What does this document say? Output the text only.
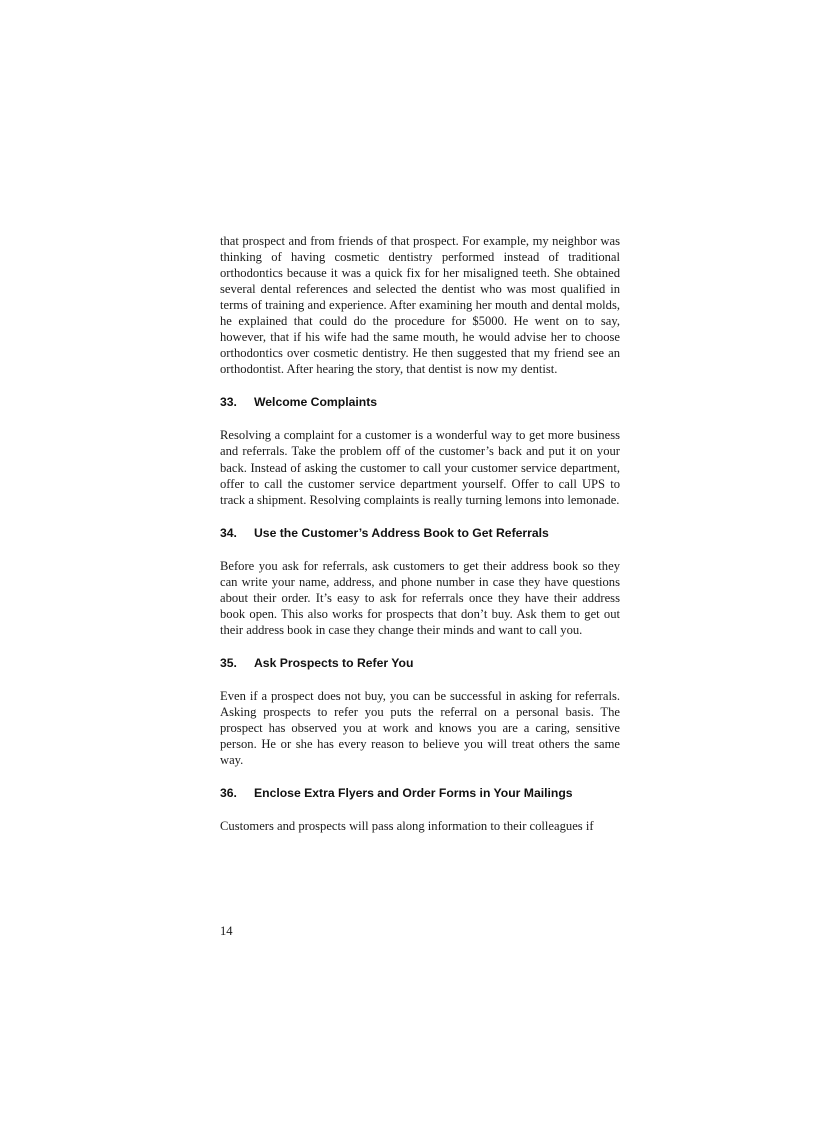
that prospect and from friends of that prospect. For example, my neighbor was thinking of having cosmetic dentistry performed instead of traditional orthodontics because it was a quick fix for her misaligned teeth. She obtained several dental references and selected the dentist who was most qualified in terms of training and experience. After examining her mouth and dental molds, he explained that could do the procedure for $5000. He went on to say, however, that if his wife had the same mouth, he would advise her to choose orthodontics over cosmetic dentistry. He then suggested that my friend see an orthodontist. After hearing the story, that dentist is now my dentist.

33.	Welcome Complaints

Resolving a complaint for a customer is a wonderful way to get more business and referrals. Take the problem off of the customer’s back and put it on your back. Instead of asking the customer to call your customer service department, offer to call the customer service department yourself. Offer to call UPS to track a shipment. Resolving complaints is really turning lemons into lemonade.

34.	Use the Customer’s Address Book to Get Referrals

Before you ask for referrals, ask customers to get their address book so they can write your name, address, and phone number in case they have questions about their order. It’s easy to ask for referrals once they have their address book open. This also works for prospects that don’t buy. Ask them to get out their address book in case they change their minds and want to call you.

35.	Ask Prospects to Refer You

Even if a prospect does not buy, you can be successful in asking for referrals. Asking prospects to refer you puts the referral on a personal basis. The prospect has observed you at work and knows you are a caring, sensitive person. He or she has every reason to believe you will treat others the same way.

36.	Enclose Extra Flyers and Order Forms in Your Mailings

Customers and prospects will pass along information to their colleagues if

14
